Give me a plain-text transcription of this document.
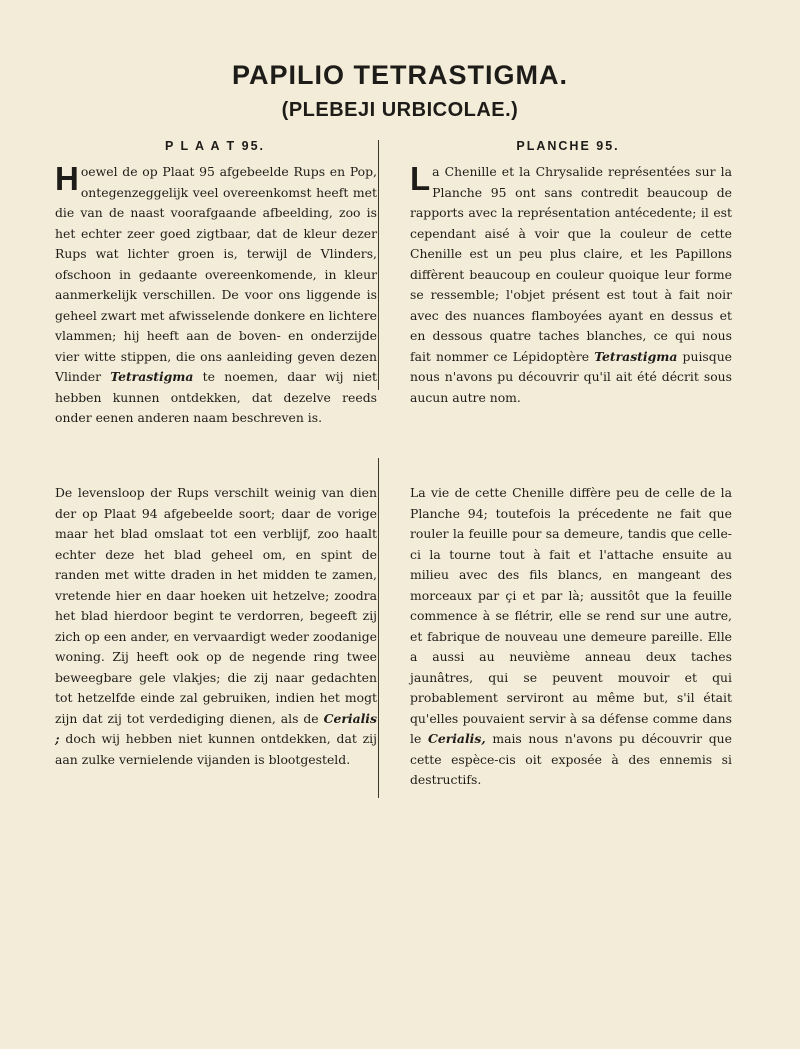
PAPILIO TETRASTIGMA.
(PLEBEJI URBICOLAE.)
P L A A T 95.	PLANCHE 95.
Hoewel de op Plaat 95 afgebeelde Rups en Pop, ontegenzeggelijk veel overeenkomst heeft met die van de naast voorafgaande afbeelding, zoo is het echter zeer goed zigtbaar, dat de kleur dezer Rups wat lichter groen is, terwijl de Vlinders, ofschoon in gedaante overeenkomende, in kleur aanmerkelijk verschillen. De voor ons liggende is geheel zwart met afwisselende donkere en lichtere vlammen; hij heeft aan de boven- en onderzijde vier witte stippen, die ons aanleiding geven dezen Vlinder Tetrastigma te noemen, daar wij niet hebben kunnen ontdekken, dat dezelve reeds onder eenen anderen naam beschreven is.
La Chenille et la Chrysalide représentées sur la Planche 95 ont sans contredit beaucoup de rapports avec la représentation antécedente; il est cependant aisé à voir que la couleur de cette Chenille est un peu plus claire, et les Papillons diffèrent beaucoup en couleur quoique leur forme se ressemble; l'objet présent est tout à fait noir avec des nuances flamboyées ayant en dessus et en dessous quatre taches blanches, ce qui nous fait nommer ce Lépidoptère Tetrastigma puisque nous n'avons pu découvrir qu'il ait été décrit sous aucun autre nom.
De levensloop der Rups verschilt weinig van dien der op Plaat 94 afgebeelde soort; daar de vorige maar het blad omslaat tot een verblijf, zoo haalt echter deze het blad geheel om, en spint de randen met witte draden in het midden te zamen, vretende hier en daar hoeken uit hetzelve; zoodra het blad hierdoor begint te verdorren, begeeft zij zich op een ander, en vervaardigt weder zoodanige woning. Zij heeft ook op de negende ring twee beweegbare gele vlakjes; die zij naar gedachten tot hetzelfde einde zal gebruiken, indien het mogt zijn dat zij tot verdediging dienen, als de Cerialis ; doch wij hebben niet kunnen ontdekken, dat zij aan zulke vernielende vijanden is blootgesteld.
La vie de cette Chenille diffère peu de celle de la Planche 94; toutefois la précedente ne fait que rouler la feuille pour sa demeure, tandis que celle-ci la tourne tout à fait et l'attache ensuite au milieu avec des fils blancs, en mangeant des morceaux par çi et par là; aussitôt que la feuille commence à se flétrir, elle se rend sur une autre, et fabrique de nouveau une demeure pareille. Elle a aussi au neuvième anneau deux taches jaunâtres, qui se peuvent mouvoir et qui probablement serviront au même but, s'il était qu'elles pouvaient servir à sa défense comme dans le Cerialis, mais nous n'avons pu découvrir que cette espèce-cis oit exposée à des ennemis si destructifs.
